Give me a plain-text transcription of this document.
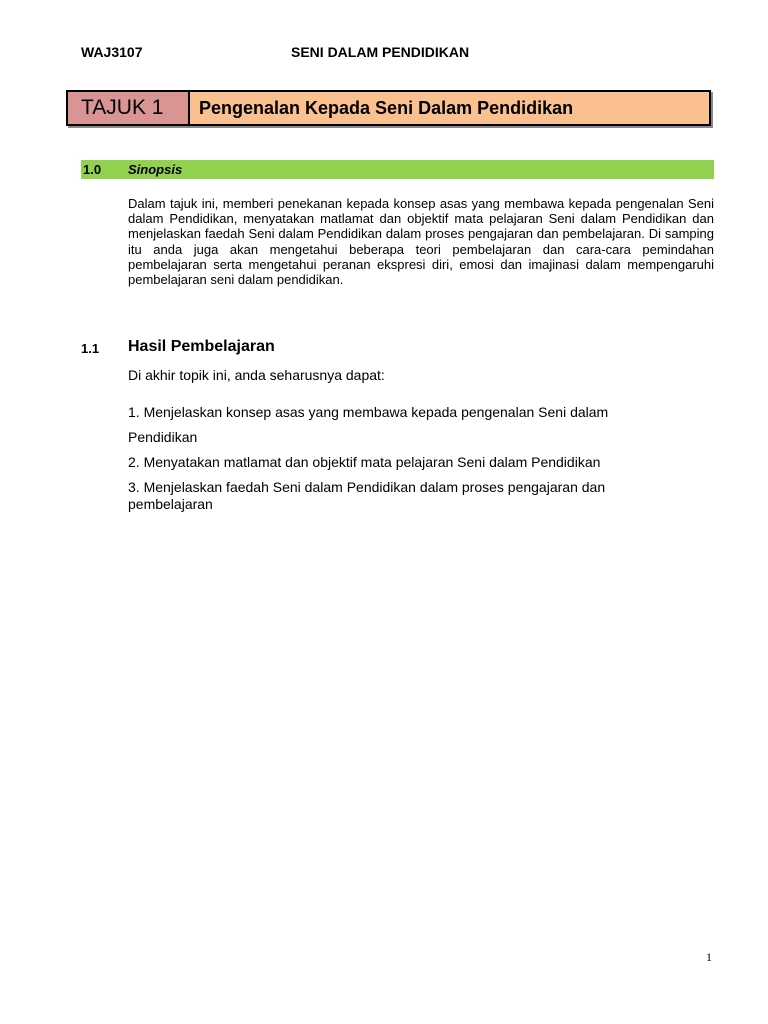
WAJ3107	SENI DALAM PENDIDIKAN
TAJUK 1	Pengenalan Kepada Seni Dalam Pendidikan
1.0 Sinopsis
Dalam tajuk ini, memberi penekanan kepada konsep asas yang membawa kepada pengenalan Seni dalam Pendidikan, menyatakan matlamat dan objektif mata pelajaran Seni dalam Pendidikan dan menjelaskan faedah Seni dalam Pendidikan dalam proses pengajaran dan pembelajaran. Di samping itu anda juga akan mengetahui beberapa teori pembelajaran dan cara-cara pemindahan pembelajaran serta mengetahui peranan ekspresi diri, emosi dan imajinasi dalam mempengaruhi pembelajaran seni dalam pendidikan.
1.1 Hasil Pembelajaran
Di akhir topik ini, anda seharusnya dapat:
1. Menjelaskan konsep asas yang membawa kepada pengenalan Seni dalam
Pendidikan
2. Menyatakan matlamat dan objektif mata pelajaran Seni dalam Pendidikan
3. Menjelaskan faedah Seni dalam Pendidikan dalam proses pengajaran dan pembelajaran
1
